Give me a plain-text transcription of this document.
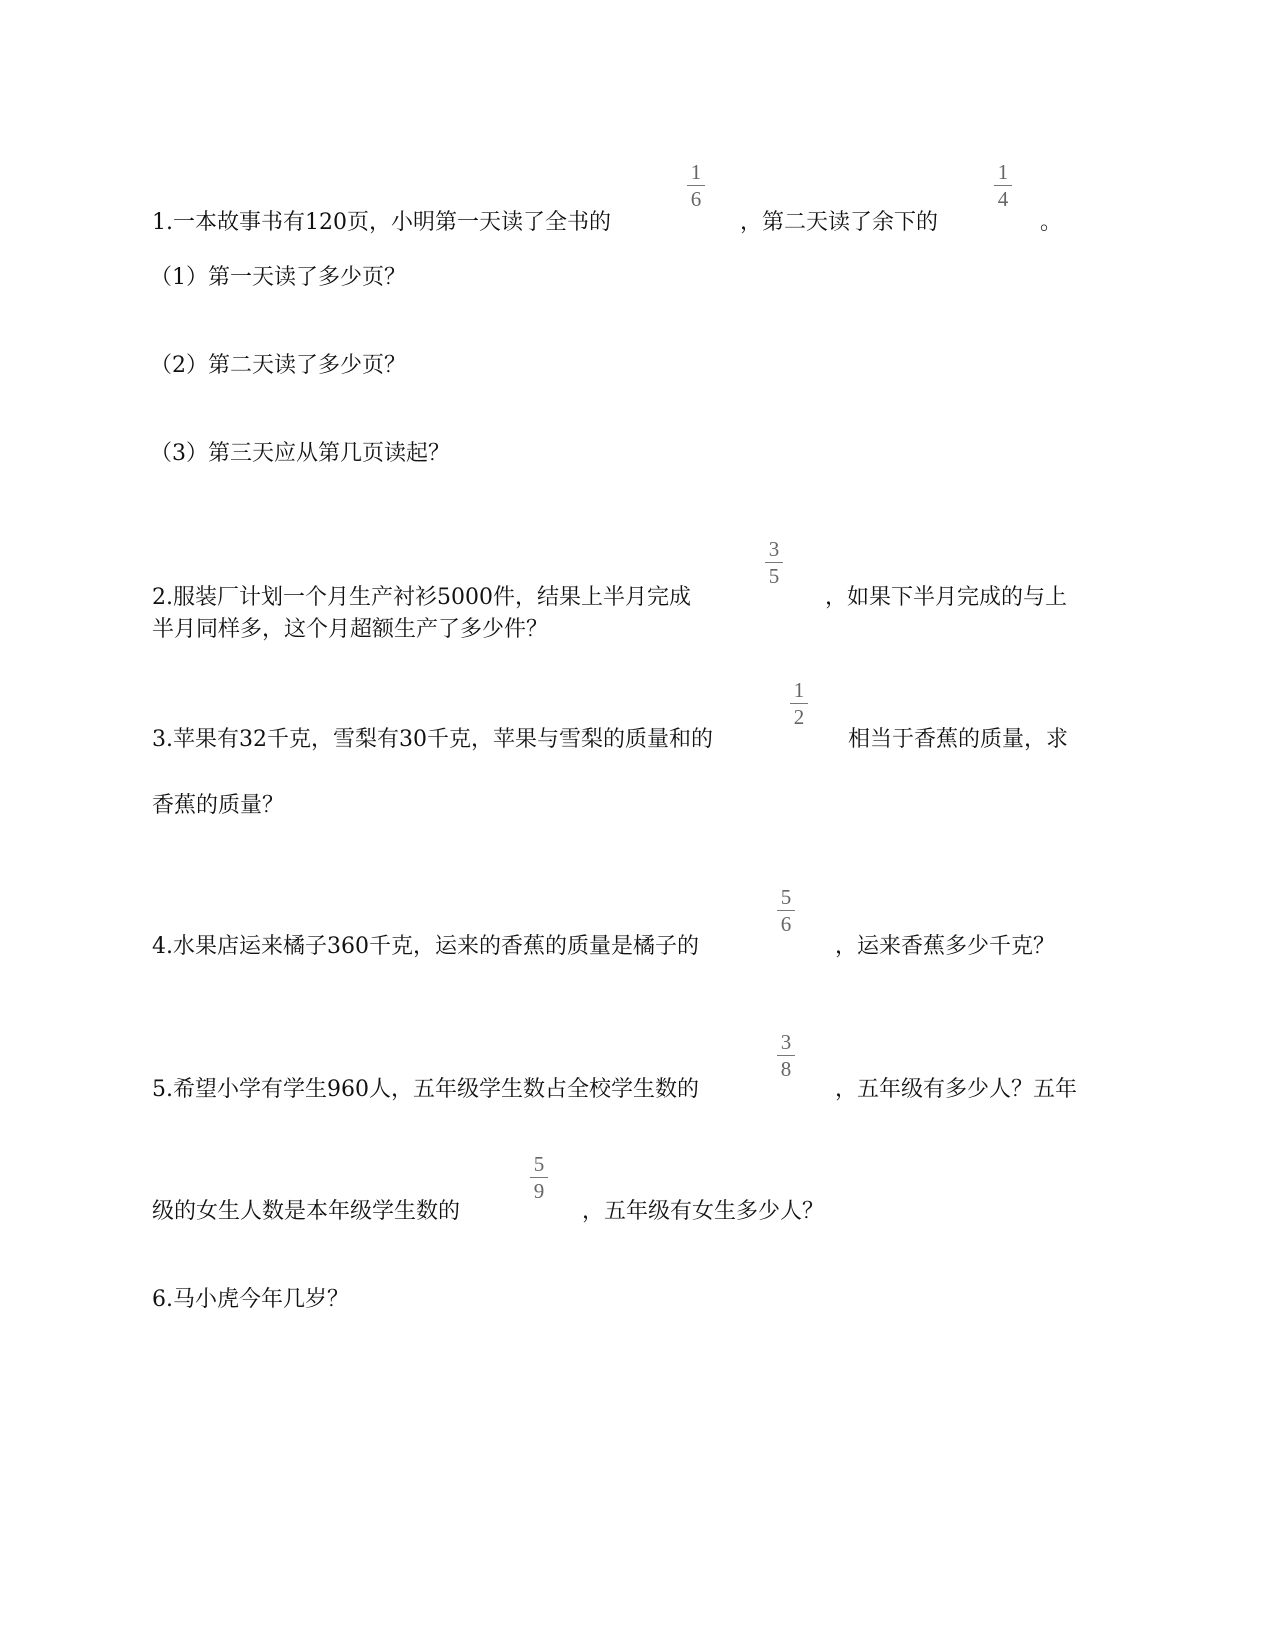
1.一本故事书有120页，小明第一天读了全书的
1
6
，第二天读了余下的
1
4
。
（1）第一天读了多少页？
（2）第二天读了多少页？
（3）第三天应从第几页读起？
2.服装厂计划一个月生产衬衫5000件，结果上半月完成
3
5
，如果下半月完成的与上
半月同样多，这个月超额生产了多少件？
3.苹果有32千克，雪梨有30千克，苹果与雪梨的质量和的
1
2
相当于香蕉的质量，求
香蕉的质量？
4.水果店运来橘子360千克，运来的香蕉的质量是橘子的
5
6
，运来香蕉多少千克？
5.希望小学有学生960人，五年级学生数占全校学生数的
3
8
，五年级有多少人？五年
级的女生人数是本年级学生数的
5
9
，五年级有女生多少人？
6.马小虎今年几岁？
